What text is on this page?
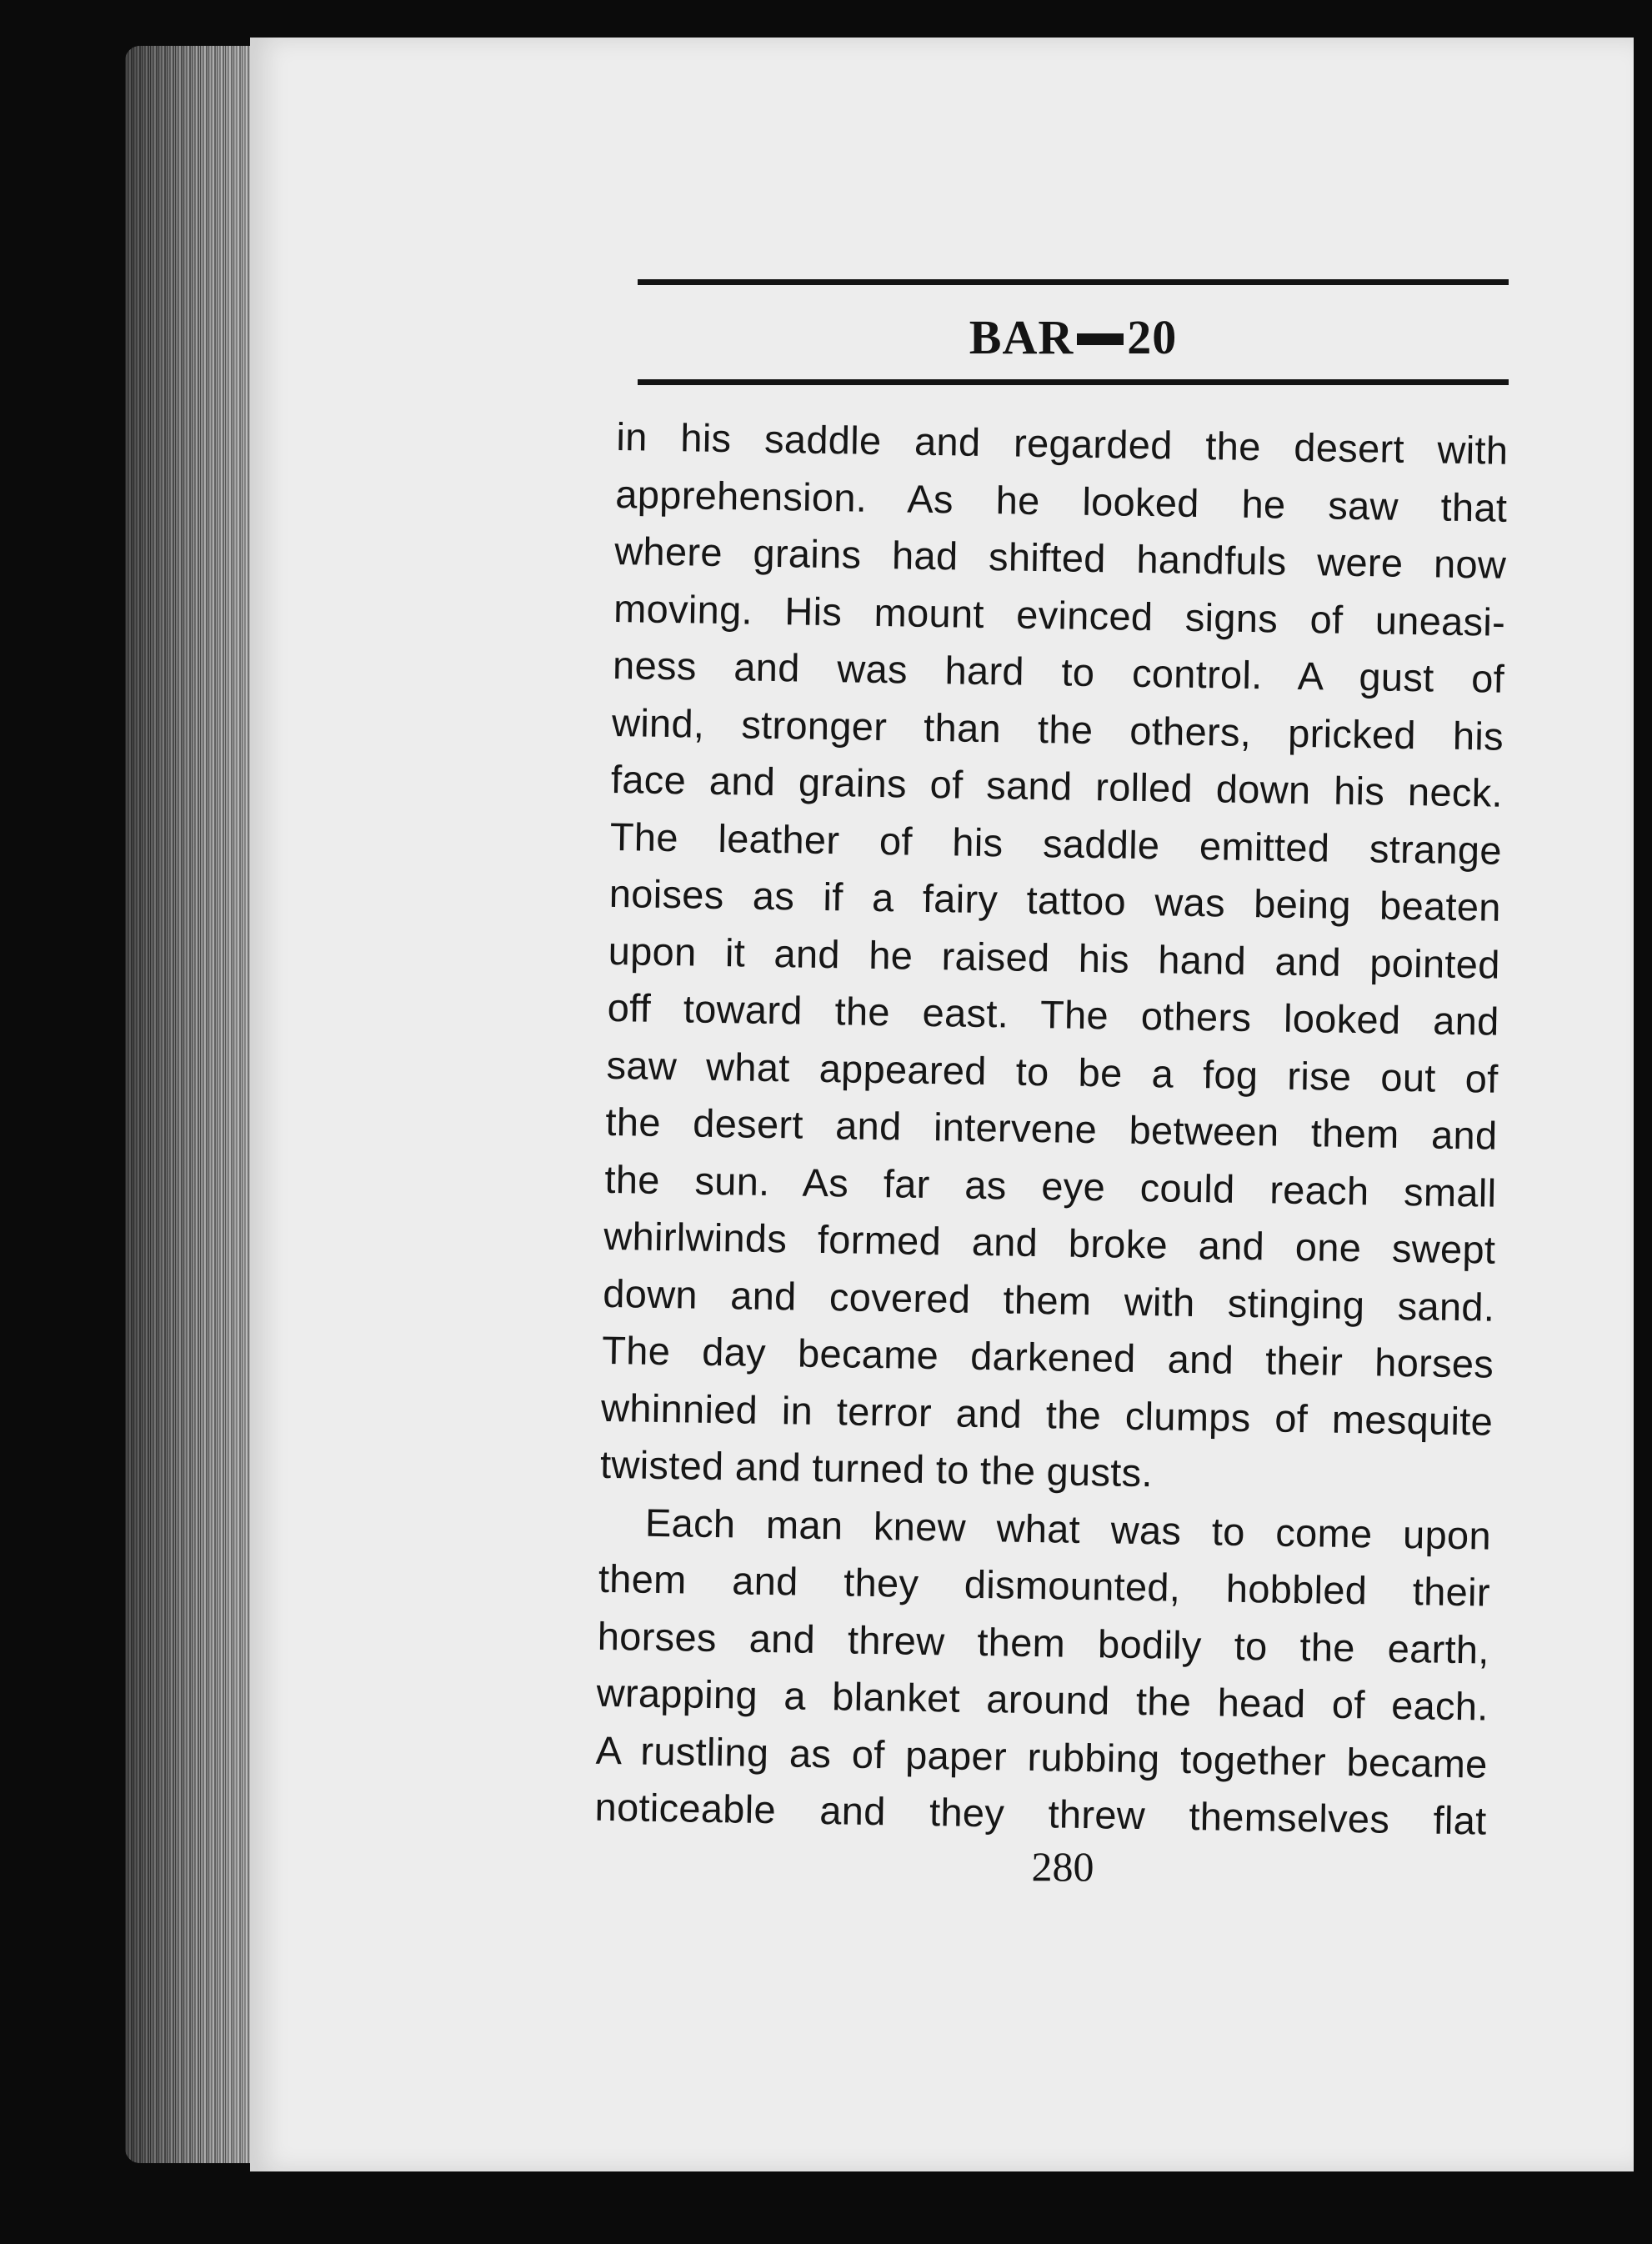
BAR 20
in his saddle and regarded the desert with
apprehension. As he looked he saw that
where grains had shifted handfuls were now
moving. His mount evinced signs of uneasi-
ness and was hard to control. A gust of
wind, stronger than the others, pricked his
face and grains of sand rolled down his neck.
The leather of his saddle emitted strange
noises as if a fairy tattoo was being beaten
upon it and he raised his hand and pointed
off toward the east. The others looked and
saw what appeared to be a fog rise out of
the desert and intervene between them and
the sun. As far as eye could reach small
whirlwinds formed and broke and one swept
down and covered them with stinging sand.
The day became darkened and their horses
whinnied in terror and the clumps of mesquite
twisted and turned to the gusts.
Each man knew what was to come upon
them and they dismounted, hobbled their
horses and threw them bodily to the earth,
wrapping a blanket around the head of each.
A rustling as of paper rubbing together became
noticeable and they threw themselves flat
280
